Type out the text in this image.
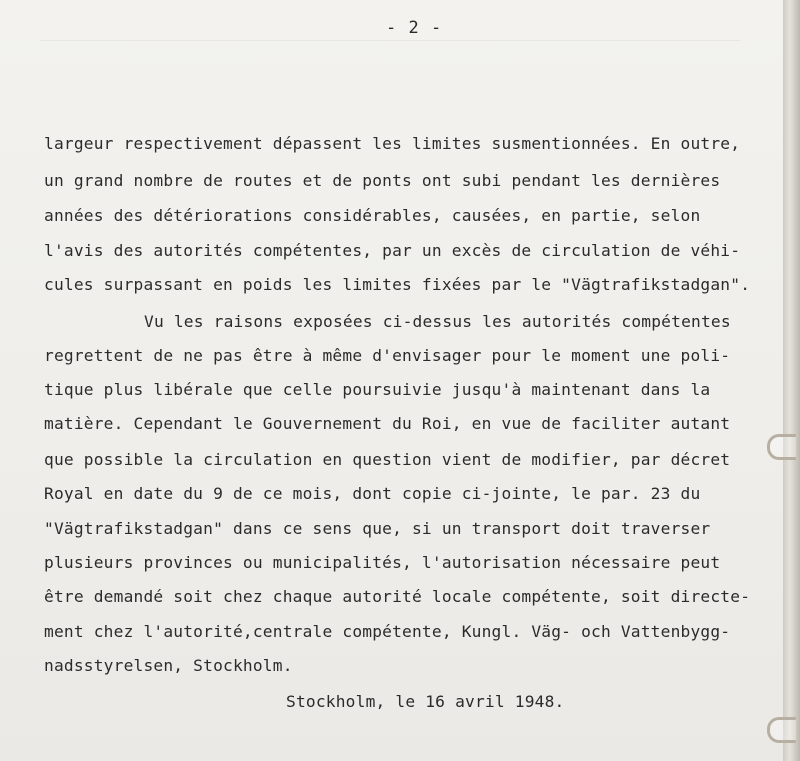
- 2 -
largeur respectivement dépassent les limites susmentionnées. En outre,
un grand nombre de routes et de ponts ont subi pendant les dernières
années des détériorations considérables, causées, en partie, selon
l'avis des autorités compétentes, par un excès de circulation de véhi-
cules surpassant en poids les limites fixées par le "Vägtrafikstadgan".
Vu les raisons exposées ci-dessus les autorités compétentes
regrettent de ne pas être à même d'envisager pour le moment une poli-
tique plus libérale que celle poursuivie jusqu'à maintenant dans la
matière. Cependant le Gouvernement du Roi, en vue de faciliter autant
que possible la circulation en question vient de modifier, par décret
Royal en date du 9 de ce mois, dont copie ci-jointe, le par. 23 du
"Vägtrafikstadgan" dans ce sens que, si un transport doit traverser
plusieurs provinces ou municipalités, l'autorisation nécessaire peut
être demandé soit chez chaque autorité locale compétente, soit directe-
ment chez l'autorité,centrale compétente, Kungl. Väg- och Vattenbygg-
nadsstyrelsen, Stockholm.
Stockholm, le 16 avril 1948.
